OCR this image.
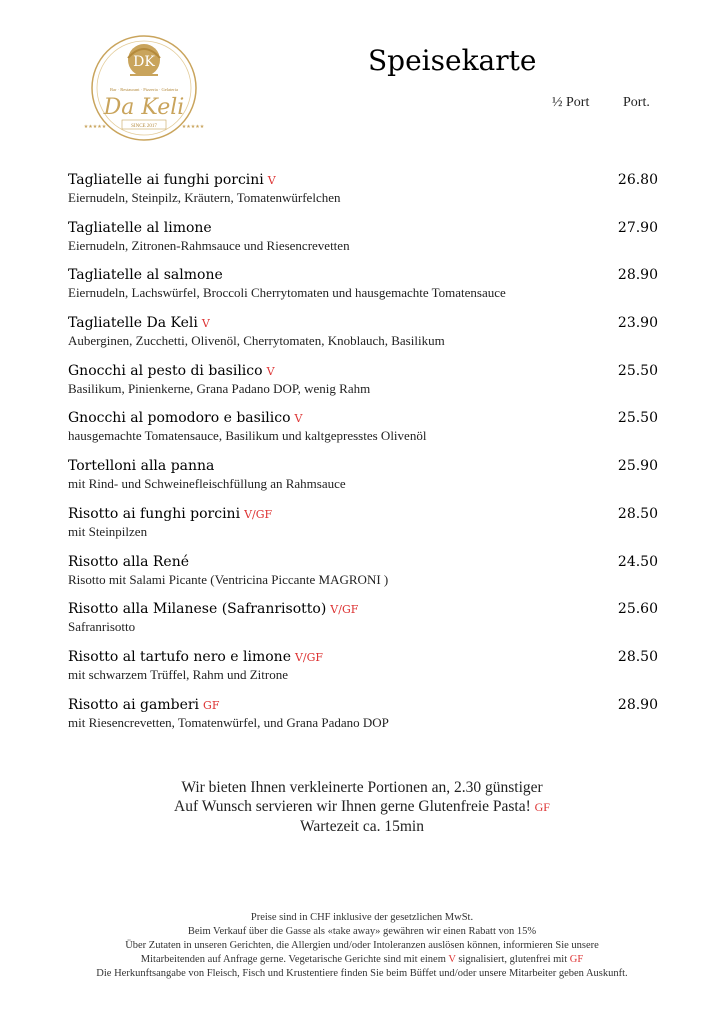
DK
Bar · Restaurant · Pizzeria · Gelateria
Da Keli
SINCE 2017
★★★★★	★★★★★
Speisekarte
½ Port Port.
Tagliatelle ai funghi porcini V
Eiernudeln, Steinpilz, Kräutern, Tomatenwürfelchen
26.80
Tagliatelle al limone
Eiernudeln, Zitronen-Rahmsauce und Riesencrevetten
27.90
Tagliatelle al salmone
Eiernudeln, Lachswürfel, Broccoli Cherrytomaten und hausgemachte Tomatensauce
28.90
Tagliatelle Da Keli V
Auberginen, Zucchetti, Olivenöl, Cherrytomaten, Knoblauch, Basilikum
23.90
Gnocchi al pesto di basilico V
Basilikum, Pinienkerne, Grana Padano DOP, wenig Rahm
25.50
Gnocchi al pomodoro e basilico V
hausgemachte Tomatensauce, Basilikum und kaltgepresstes Olivenöl
25.50
Tortelloni alla panna
mit Rind- und Schweinefleischfüllung an Rahmsauce
25.90
Risotto ai funghi porcini V/GF
mit Steinpilzen
28.50
Risotto alla René
Risotto mit Salami Picante (Ventricina Piccante MAGRONI )
24.50
Risotto alla Milanese (Safranrisotto) V/GF
Safranrisotto
25.60
Risotto al tartufo nero e limone V/GF
mit schwarzem Trüffel, Rahm und Zitrone
28.50
Risotto ai gamberi GF
mit Riesencrevetten, Tomatenwürfel, und Grana Padano DOP
28.90
Wir bieten Ihnen verkleinerte Portionen an, 2.30 günstiger
Auf Wunsch servieren wir Ihnen gerne Glutenfreie Pasta! GF
Wartezeit ca. 15min
Preise sind in CHF inklusive der gesetzlichen MwSt.
Beim Verkauf über die Gasse als «take away» gewähren wir einen Rabatt von 15%
Über Zutaten in unseren Gerichten, die Allergien und/oder Intoleranzen auslösen können, informieren Sie unsere
Mitarbeitenden auf Anfrage gerne. Vegetarische Gerichte sind mit einem V signalisiert, glutenfrei mit GF
Die Herkunftsangabe von Fleisch, Fisch und Krustentiere finden Sie beim Büffet und/oder unsere Mitarbeiter geben Auskunft.
